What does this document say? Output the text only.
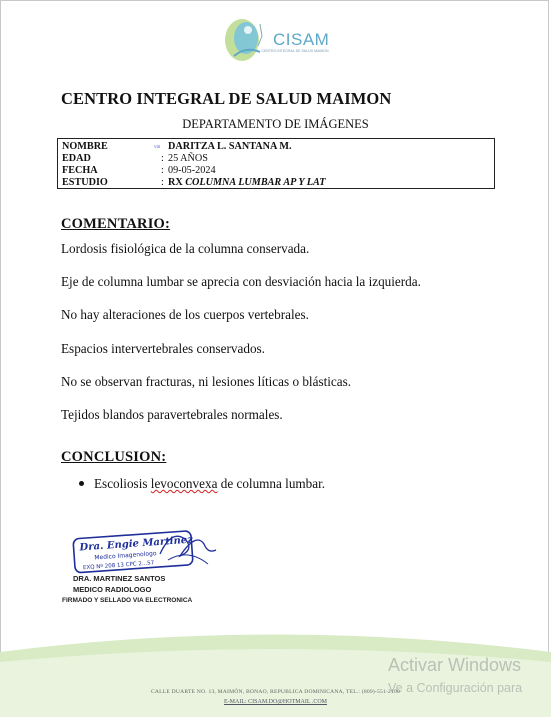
CISAM
CENTRO INTEGRAL DE SALUD MAIMON
CENTRO INTEGRAL DE SALUD MAIMON
DEPARTAMENTO DE IMÁGENES
NOMBRE	vm DARITZA L. SANTANA M.
EDAD	: 25 AÑOS
FECHA	: 09-05-2024
ESTUDIO	: RX COLUMNA LUMBAR AP Y LAT
COMENTARIO:
Lordosis fisiológica de la columna conservada.
Eje de columna lumbar se aprecia con desviación hacia la izquierda.
No hay alteraciones de los cuerpos vertebrales.
Espacios intervertebrales conservados.
No se observan fracturas, ni lesiones líticas o blásticas.
Tejidos blandos paravertebrales normales.
CONCLUSION:
Escoliosis levoconvexa de columna lumbar.
Dra. Engie Martinez
Medico Imagenologo
EXQ Nº 208 13 CPC 2...57
DRA. MARTINEZ SANTOS
MEDICO RADIOLOGO
FIRMADO Y SELLADO VIA ELECTRONICA
CALLE DUARTE NO. 13, MAIMÓN, BONAO, REPUBLICA DOMINICANA, TEL.: (809)-551-2100
E-MAIL: CISAM.DO@HOTMAIL .COM
Activar Windows
Ve a Configuración para
